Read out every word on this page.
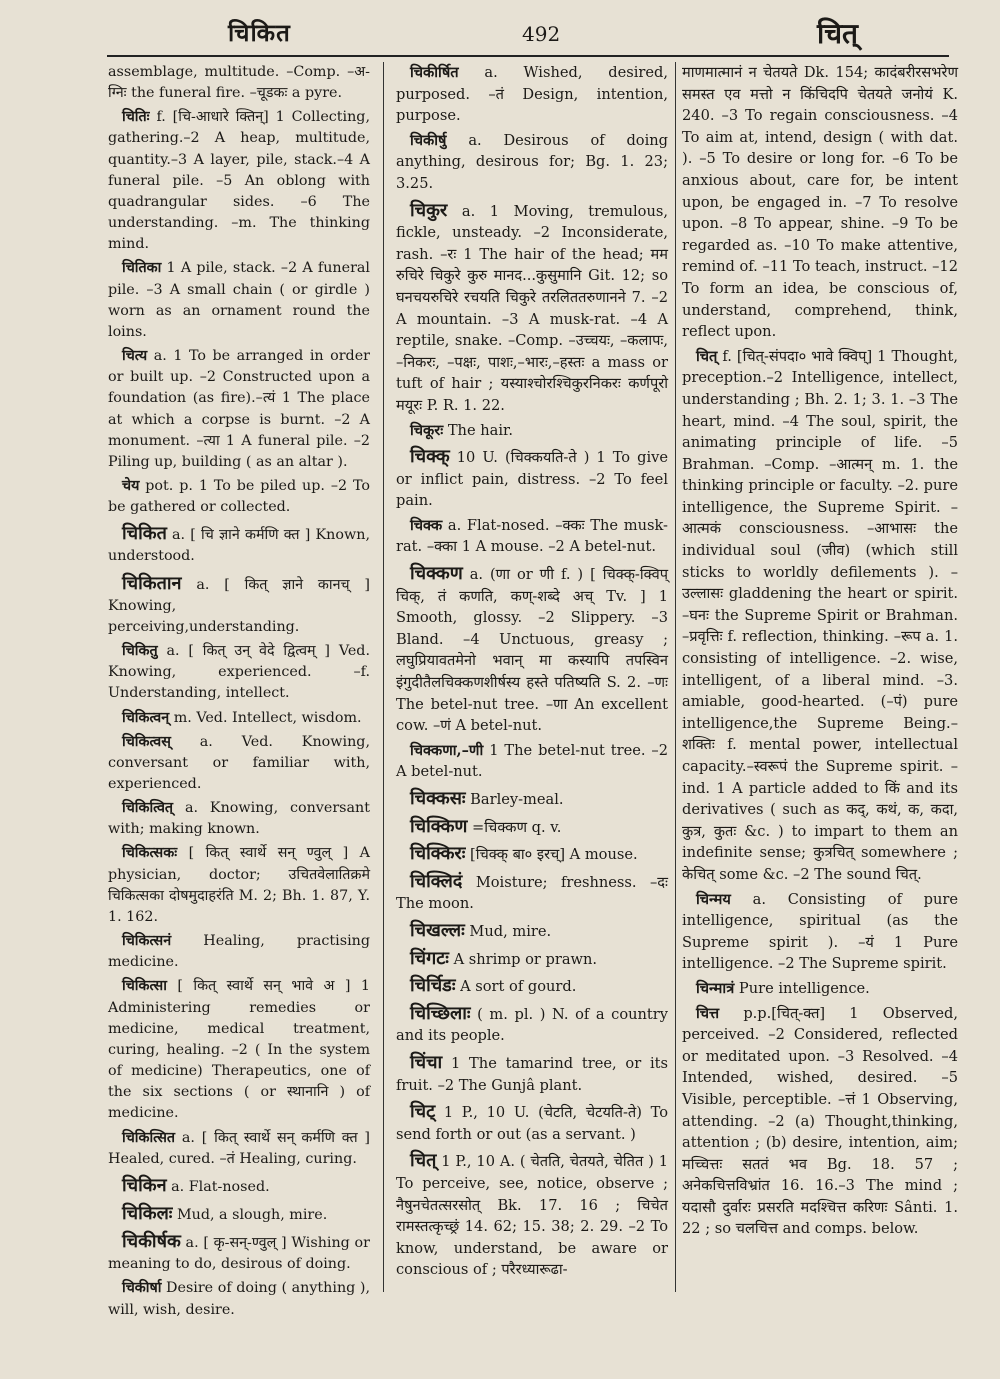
चिकित	492	चित्

assemblage, multitude. –Comp. –अ- ग्निः the funeral fire. –चूडकः a pyre.

चितिः f. [चि-आधारे क्तिन्] 1 Collecting, gathering.–2 A heap, multitude, quantity.–3 A layer, pile, stack.–4 A funeral pile. –5 An oblong with quadrangular sides. –6 The understanding. –m. The thinking mind.

चितिका 1 A pile, stack. –2 A funeral pile. –3 A small chain ( or girdle ) worn as an ornament round the loins.

चित्य a. 1 To be arranged in order or built up. –2 Constructed upon a foundation (as fire).–त्यं 1 The place at which a corpse is burnt. –2 A monument. –त्या 1 A funeral pile. –2 Piling up, building ( as an altar ).

चेय pot. p. 1 To be piled up. –2 To be gathered or collected.

चिकित a. [ चि ज्ञाने कर्मणि क्त ] Known, understood.

चिकितान a. [ कित् ज्ञाने कानच् ] Knowing, perceiving,understanding.

चिकितु a. [ कित् उन् वेदे द्वित्वम् ] Ved. Knowing, experienced. –f. Understanding, intellect.

चिकित्वन् m. Ved. Intellect, wisdom.

चिकित्वस् a. Ved. Knowing, conversant or familiar with, experienced.

चिकित्वित् a. Knowing, conversant with; making known.

चिकित्सकः [ कित् स्वार्थे सन् ण्वुल् ] A physician, doctor; उचितवेलातिक्रमे चिकित्सका दोषमुदाहरंति M. 2; Bh. 1. 87, Y. 1. 162.

चिकित्सनं Healing, practising medicine.

चिकित्सा [ कित् स्वार्थे सन् भावे अ ] 1 Administering remedies or medicine, medical treatment, curing, healing. –2 ( In the system of medicine) Therapeutics, one of the six sections ( or स्थानानि ) of medicine.

चिकित्सित a. [ कित् स्वार्थे सन् कर्मणि क्त ] Healed, cured. –तं Healing, curing.

चिकिन a. Flat-nosed.

चिकिलः Mud, a slough, mire.

चिकीर्षक a. [ कृ-सन्-ण्वुल् ] Wishing or meaning to do, desirous of doing.

चिकीर्षा Desire of doing ( anything ), will, wish, desire.

चिकीर्षित a. Wished, desired, purposed. –तं Design, intention, purpose.

चिकीर्षु a. Desirous of doing anything, desirous for; Bg. 1. 23; 3.25.

चिकुर a. 1 Moving, tremulous, fickle, unsteady. –2 Inconsiderate, rash. –रः 1 The hair of the head; मम रुचिरे चिकुरे कुरु मानद...कुसुमानि Git. 12; so घनचयरुचिरे रचयति चिकुरे तरलिततरुणानने 7. –2 A mountain. –3 A musk-rat. –4 A reptile, snake. –Comp. –उच्चयः, –कलापः, –निकरः, –पक्षः, पाशः,–भारः,–हस्तः a mass or tuft of hair ; यस्याश्चोरश्चिकुरनिकरः कर्णपूरो मयूरः P. R. 1. 22.

चिकूरः The hair.

चिक्क् 10 U. (चिक्कयति-ते ) 1 To give or inflict pain, distress. –2 To feel pain.

चिक्क a. Flat-nosed. –क्कः The musk-rat. –क्का 1 A mouse. –2 A betel-nut.

चिक्कण a. (णा or णी f. ) [ चिक्क्-क्विप् चिक्, तं कणति, कण्-शब्दे अच् Tv. ] 1 Smooth, glossy. –2 Slippery. –3 Bland. –4 Unctuous, greasy ; लघुप्रियावतमेनो भवान् मा कस्यापि तपस्विन इंगुदीतैलचिक्कणशीर्षस्य हस्ते पतिष्यति S. 2. –णः The betel-nut tree. –णा An excellent cow. –णं A betel-nut.

चिक्कणा,–णी 1 The betel-nut tree. –2 A betel-nut.

चिक्कसः Barley-meal.

चिक्किण =चिक्कण q. v.

चिक्किरः [चिक्क् बा० इरच्] A mouse.

चिक्लिदं Moisture; freshness. –दः The moon.

चिखल्लः Mud, mire.

चिंगटः A shrimp or prawn.

चिर्चिडः A sort of gourd.

चिच्छिलाः ( m. pl. ) N. of a country and its people.

चिंचा 1 The tamarind tree, or its fruit. –2 The Gunjâ plant.

चिट् 1 P., 10 U. (चेटति, चेटयति-ते) To send forth or out (as a servant. )

चित् 1 P., 10 A. ( चेतति, चेतयते, चेतित ) 1 To perceive, see, notice, observe ; नैषुनचेतत्सरसोत् Bk. 17. 16 ; चिचेत रामस्तत्कृच्छ्रं 14. 62; 15. 38; 2. 29. –2 To know, understand, be aware or conscious of ; परैरध्यारूढा-

माणमात्मानं न चेतयते Dk. 154; कादंबरीरसभरेण समस्त एव मत्तो न किंचिदपि चेतयते जनोयं K. 240. –3 To regain consciousness. –4 To aim at, intend, design ( with dat. ). –5 To desire or long for. –6 To be anxious about, care for, be intent upon, be engaged in. –7 To resolve upon. –8 To appear, shine. –9 To be regarded as. –10 To make attentive, remind of. –11 To teach, instruct. –12 To form an idea, be conscious of, understand, comprehend, think, reflect upon.

चित् f. [चित्-संपदा० भावे क्विप्] 1 Thought, preception.–2 Intelligence, intellect, understanding ; Bh. 2. 1; 3. 1. –3 The heart, mind. –4 The soul, spirit, the animating principle of life. –5 Brahman. –Comp. –आत्मन् m. 1. the thinking principle or faculty. –2. pure intelligence, the Supreme Spirit. –आत्मकं consciousness. –आभासः the individual soul (जीव) (which still sticks to worldly defilements ). –उल्लासः gladdening the heart or spirit. –घनः the Supreme Spirit or Brahman. –प्रवृत्तिः f. reflection, thinking. –रूप a. 1. consisting of intelligence. –2. wise, intelligent, of a liberal mind. –3. amiable, good-hearted. (–पं) pure intelligence,the Supreme Being.–शक्तिः f. mental power, intellectual capacity.–स्वरूपं the Supreme spirit. –ind. 1 A particle added to किं and its derivatives ( such as कद्, कथं, क, कदा, कुत्र, कुतः &c. ) to impart to them an indefinite sense; कुत्रचित् somewhere ; केचित् some &c. –2 The sound चित्.

चिन्मय a. Consisting of pure intelligence, spiritual (as the Supreme spirit ). –यं 1 Pure intelligence. –2 The Supreme spirit.

चिन्मात्रं Pure intelligence.

चित्त p.p.[चित्-क्त] 1 Observed, perceived. –2 Considered, reflected or meditated upon. –3 Resolved. –4 Intended, wished, desired. –5 Visible, perceptible. –त्तं 1 Observing, attending. –2 (a) Thought,thinking, attention ; (b) desire, intention, aim; मच्चित्तः सततं भव Bg. 18. 57 ; अनेकचित्तविभ्रांत 16. 16.–3 The mind ; यदासौ दुर्वारः प्रसरति मदश्चित्त करिणः Sânti. 1. 22 ; so चलचित्त and comps. below.
